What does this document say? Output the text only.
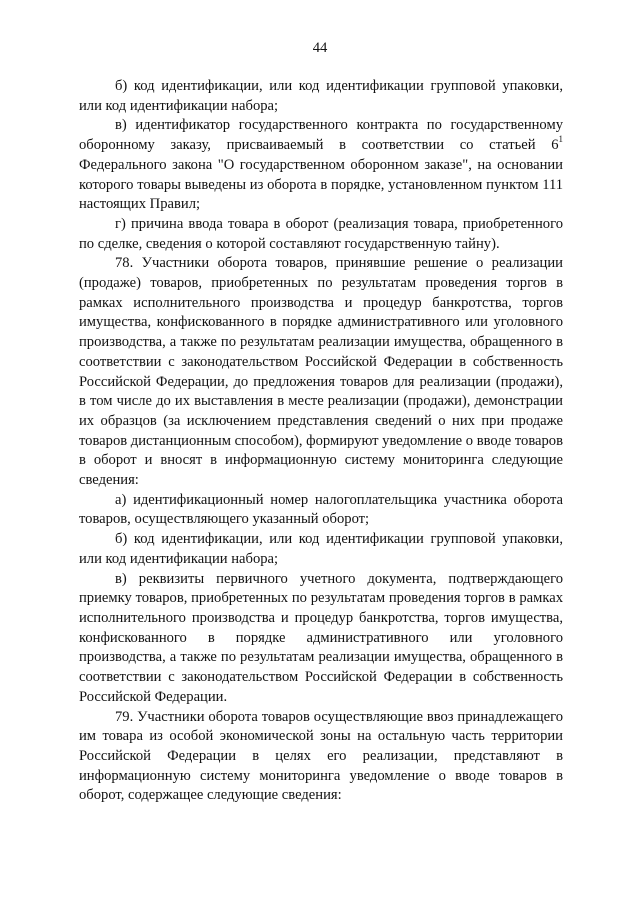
44

б) код идентификации, или код идентификации групповой упаковки, или код идентификации набора;

в) идентификатор государственного контракта по государственному оборонному заказу, присваиваемый в соответствии со статьей $6^1$ Федерального закона "О государственном оборонном заказе", на основании которого товары выведены из оборота в порядке, установленном пунктом 111 настоящих Правил;

г) причина ввода товара в оборот (реализация товара, приобретенного по сделке, сведения о которой составляют государственную тайну).

78. Участники оборота товаров, принявшие решение о реализации (продаже) товаров, приобретенных по результатам проведения торгов в рамках исполнительного производства и процедур банкротства, торгов имущества, конфискованного в порядке административного или уголовного производства, а также по результатам реализации имущества, обращенного в соответствии с законодательством Российской Федерации в собственность Российской Федерации, до предложения товаров для реализации (продажи), в том числе до их выставления в месте реализации (продажи), демонстрации их образцов (за исключением представления сведений о них при продаже товаров дистанционным способом), формируют уведомление о вводе товаров в оборот и вносят в информационную систему мониторинга следующие сведения:

а) идентификационный номер налогоплательщика участника оборота товаров, осуществляющего указанный оборот;

б) код идентификации, или код идентификации групповой упаковки, или код идентификации набора;

в) реквизиты первичного учетного документа, подтверждающего приемку товаров, приобретенных по результатам проведения торгов в рамках исполнительного производства и процедур банкротства, торгов имущества, конфискованного в порядке административного или уголовного производства, а также по результатам реализации имущества, обращенного в соответствии с законодательством Российской Федерации в собственность Российской Федерации.

79. Участники оборота товаров осуществляющие ввоз принадлежащего им товара из особой экономической зоны на остальную часть территории Российской Федерации в целях его реализации, представляют в информационную систему мониторинга уведомление о вводе товаров в оборот, содержащее следующие сведения:
